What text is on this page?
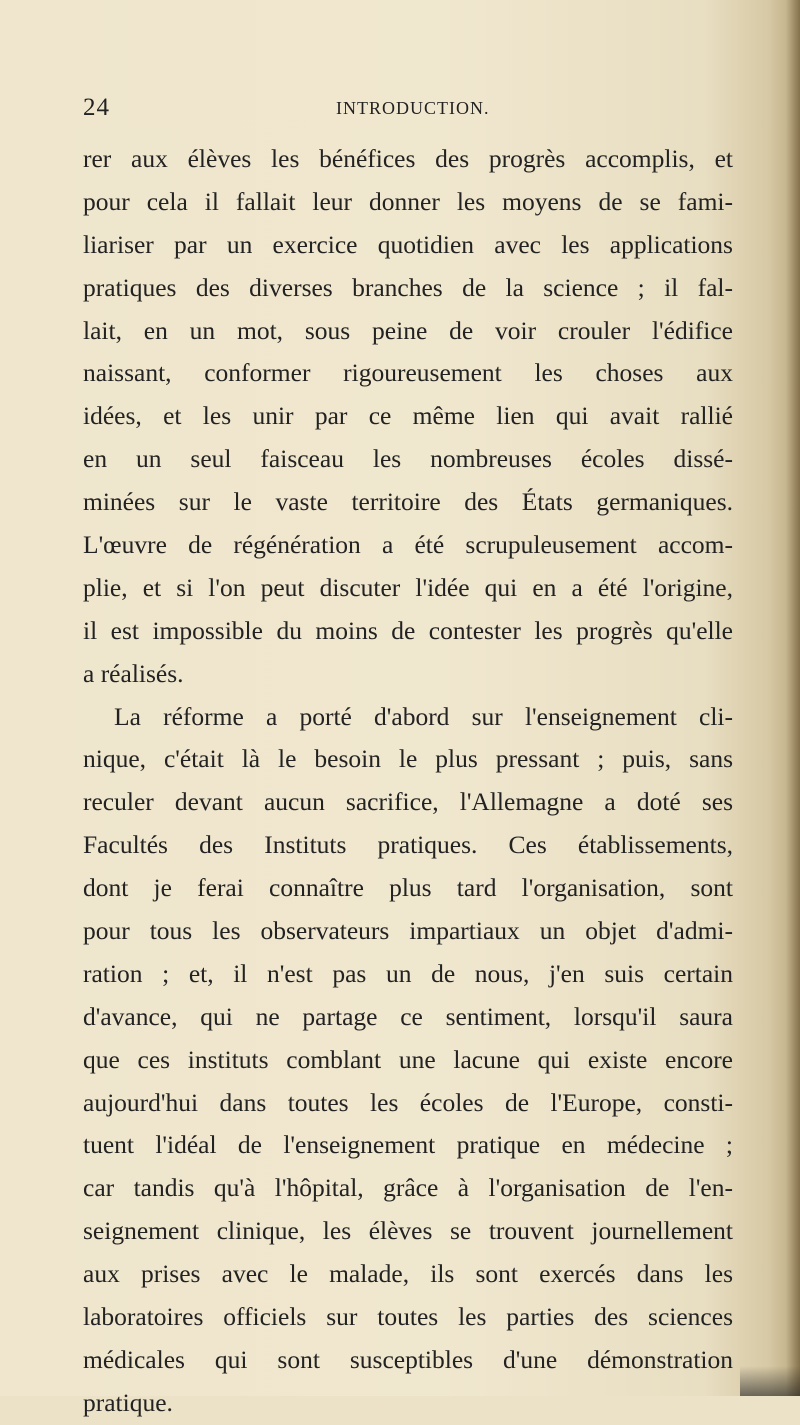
24	INTRODUCTION.
rer aux élèves les bénéfices des progrès accomplis, et
pour cela il fallait leur donner les moyens de se fami-
liariser par un exercice quotidien avec les applications
pratiques des diverses branches de la science ; il fal-
lait, en un mot, sous peine de voir crouler l'édifice
naissant, conformer rigoureusement les choses aux
idées, et les unir par ce même lien qui avait rallié
en un seul faisceau les nombreuses écoles dissé-
minées sur le vaste territoire des États germaniques.
L'œuvre de régénération a été scrupuleusement accom-
plie, et si l'on peut discuter l'idée qui en a été l'origine,
il est impossible du moins de contester les progrès qu'elle
a réalisés.
La réforme a porté d'abord sur l'enseignement cli-
nique, c'était là le besoin le plus pressant ; puis, sans
reculer devant aucun sacrifice, l'Allemagne a doté ses
Facultés des Instituts pratiques. Ces établissements,
dont je ferai connaître plus tard l'organisation, sont
pour tous les observateurs impartiaux un objet d'admi-
ration ; et, il n'est pas un de nous, j'en suis certain
d'avance, qui ne partage ce sentiment, lorsqu'il saura
que ces instituts comblant une lacune qui existe encore
aujourd'hui dans toutes les écoles de l'Europe, consti-
tuent l'idéal de l'enseignement pratique en médecine ;
car tandis qu'à l'hôpital, grâce à l'organisation de l'en-
seignement clinique, les élèves se trouvent journellement
aux prises avec le malade, ils sont exercés dans les
laboratoires officiels sur toutes les parties des sciences
médicales qui sont susceptibles d'une démonstration
pratique.
